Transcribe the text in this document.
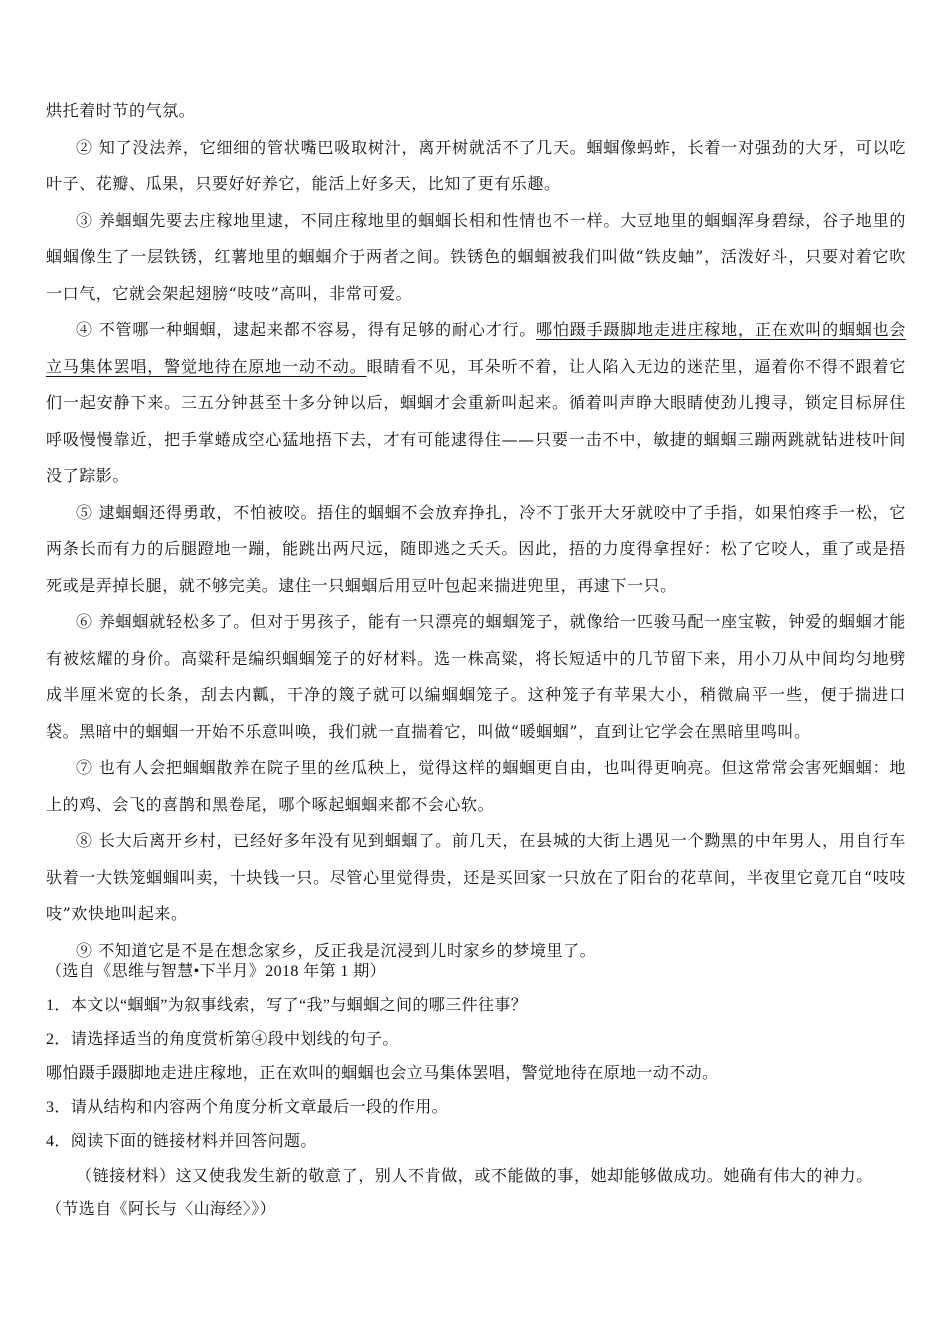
烘托着时节的气氛。

② 知了没法养，它细细的管状嘴巴吸取树汁，离开树就活不了几天。蝈蝈像蚂蚱，长着一对强劲的大牙，可以吃叶子、花瓣、瓜果，只要好好养它，能活上好多天，比知了更有乐趣。

③ 养蝈蝈先要去庄稼地里逮，不同庄稼地里的蝈蝈长相和性情也不一样。大豆地里的蝈蝈浑身碧绿，谷子地里的蝈蝈像生了一层铁锈，红薯地里的蝈蝈介于两者之间。铁锈色的蝈蝈被我们叫做“铁皮蚰”，活泼好斗，只要对着它吹一口气，它就会架起翅膀“吱吱”高叫，非常可爱。

④ 不管哪一种蝈蝈，逮起来都不容易，得有足够的耐心才行。哪怕蹑手蹑脚地走进庄稼地，正在欢叫的蝈蝈也会立马集体罢唱，警觉地待在原地一动不动。眼睛看不见，耳朵听不着，让人陷入无边的迷茫里，逼着你不得不跟着它们一起安静下来。三五分钟甚至十多分钟以后，蝈蝈才会重新叫起来。循着叫声睁大眼睛使劲儿搜寻，锁定目标屏住呼吸慢慢靠近，把手掌蜷成空心猛地捂下去，才有可能逮得住——只要一击不中，敏捷的蝈蝈三蹦两跳就钻进枝叶间没了踪影。

⑤ 逮蝈蝈还得勇敢，不怕被咬。捂住的蝈蝈不会放弃挣扎，冷不丁张开大牙就咬中了手指，如果怕疼手一松，它两条长而有力的后腿蹬地一蹦，能跳出两尺远，随即逃之夭夭。因此，捂的力度得拿捏好：松了它咬人，重了或是捂死或是弄掉长腿，就不够完美。逮住一只蝈蝈后用豆叶包起来揣进兜里，再逮下一只。

⑥ 养蝈蝈就轻松多了。但对于男孩子，能有一只漂亮的蝈蝈笼子，就像给一匹骏马配一座宝鞍，钟爱的蝈蝈才能有被炫耀的身价。高粱秆是编织蝈蝈笼子的好材料。选一株高粱，将长短适中的几节留下来，用小刀从中间均匀地劈成半厘米宽的长条，刮去内瓤，干净的篾子就可以编蝈蝈笼子。这种笼子有苹果大小，稍微扁平一些，便于揣进口袋。黑暗中的蝈蝈一开始不乐意叫唤，我们就一直揣着它，叫做“暖蝈蝈”，直到让它学会在黑暗里鸣叫。

⑦ 也有人会把蝈蝈散养在院子里的丝瓜秧上，觉得这样的蝈蝈更自由，也叫得更响亮。但这常常会害死蝈蝈：地上的鸡、会飞的喜鹊和黑卷尾，哪个啄起蝈蝈来都不会心软。

⑧ 长大后离开乡村，已经好多年没有见到蝈蝈了。前几天，在县城的大街上遇见一个黝黑的中年男人，用自行车驮着一大铁笼蝈蝈叫卖，十块钱一只。尽管心里觉得贵，还是买回家一只放在了阳台的花草间，半夜里它竟兀自“吱吱吱”欢快地叫起来。

⑨ 不知道它是不是在想念家乡，反正我是沉浸到儿时家乡的梦境里了。

（选自《思维与智慧•下半月》2018 年第 1 期）

1．本文以“蝈蝈”为叙事线索，写了“我”与蝈蝈之间的哪三件往事？

2．请选择适当的角度赏析第④段中划线的句子。

哪怕蹑手蹑脚地走进庄稼地，正在欢叫的蝈蝈也会立马集体罢唱，警觉地待在原地一动不动。

3．请从结构和内容两个角度分析文章最后一段的作用。

4．阅读下面的链接材料并回答问题。

（链接材料）这又使我发生新的敬意了，别人不肯做，或不能做的事，她却能够做成功。她确有伟大的神力。

（节选自《阿长与〈山海经〉》）
